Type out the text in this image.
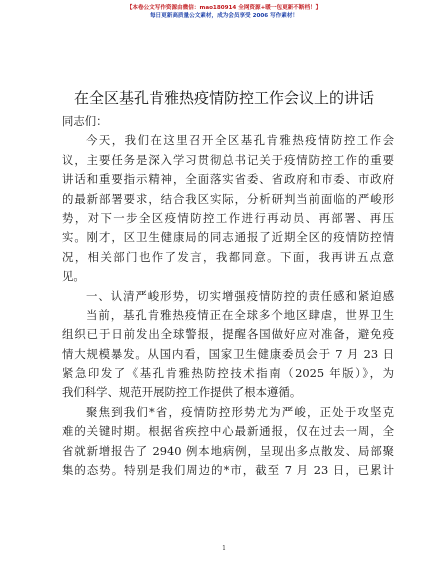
【本卷公文写作资源由微信：mao180914 全网资源+暖一包更新不断档！】
每日更新高质量公文素材，成为会员享受 2006 写作素材！
在全区基孔肯雅热疫情防控工作会议上的讲话
同志们：
今天，我们在这里召开全区基孔肯雅热疫情防控工作会
议，主要任务是深入学习贯彻总书记关于疫情防控工作的重要
讲话和重要指示精神，全面落实省委、省政府和市委、市政府
的最新部署要求，结合我区实际，分析研判当前面临的严峻形
势，对下一步全区疫情防控工作进行再动员、再部署、再压
实。刚才，区卫生健康局的同志通报了近期全区的疫情防控情
况，相关部门也作了发言，我都同意。下面，我再讲五点意
见。
一、认清严峻形势，切实增强疫情防控的责任感和紧迫感
当前，基孔肯雅热疫情正在全球多个地区肆虐，世界卫生
组织已于日前发出全球警报，提醒各国做好应对准备，避免疫
情大规模暴发。从国内看，国家卫生健康委员会于 7 月 23 日
紧急印发了《基孔肯雅热防控技术指南（2025 年版）》，为
我们科学、规范开展防控工作提供了根本遵循。
聚焦到我们*省，疫情防控形势尤为严峻，正处于攻坚克
难的关键时期。根据省疾控中心最新通报，仅在过去一周，全
省就新增报告了 2940 例本地病例，呈现出多点散发、局部聚
集的态势。特别是我们周边的*市，截至 7 月 23 日，已累计
1
